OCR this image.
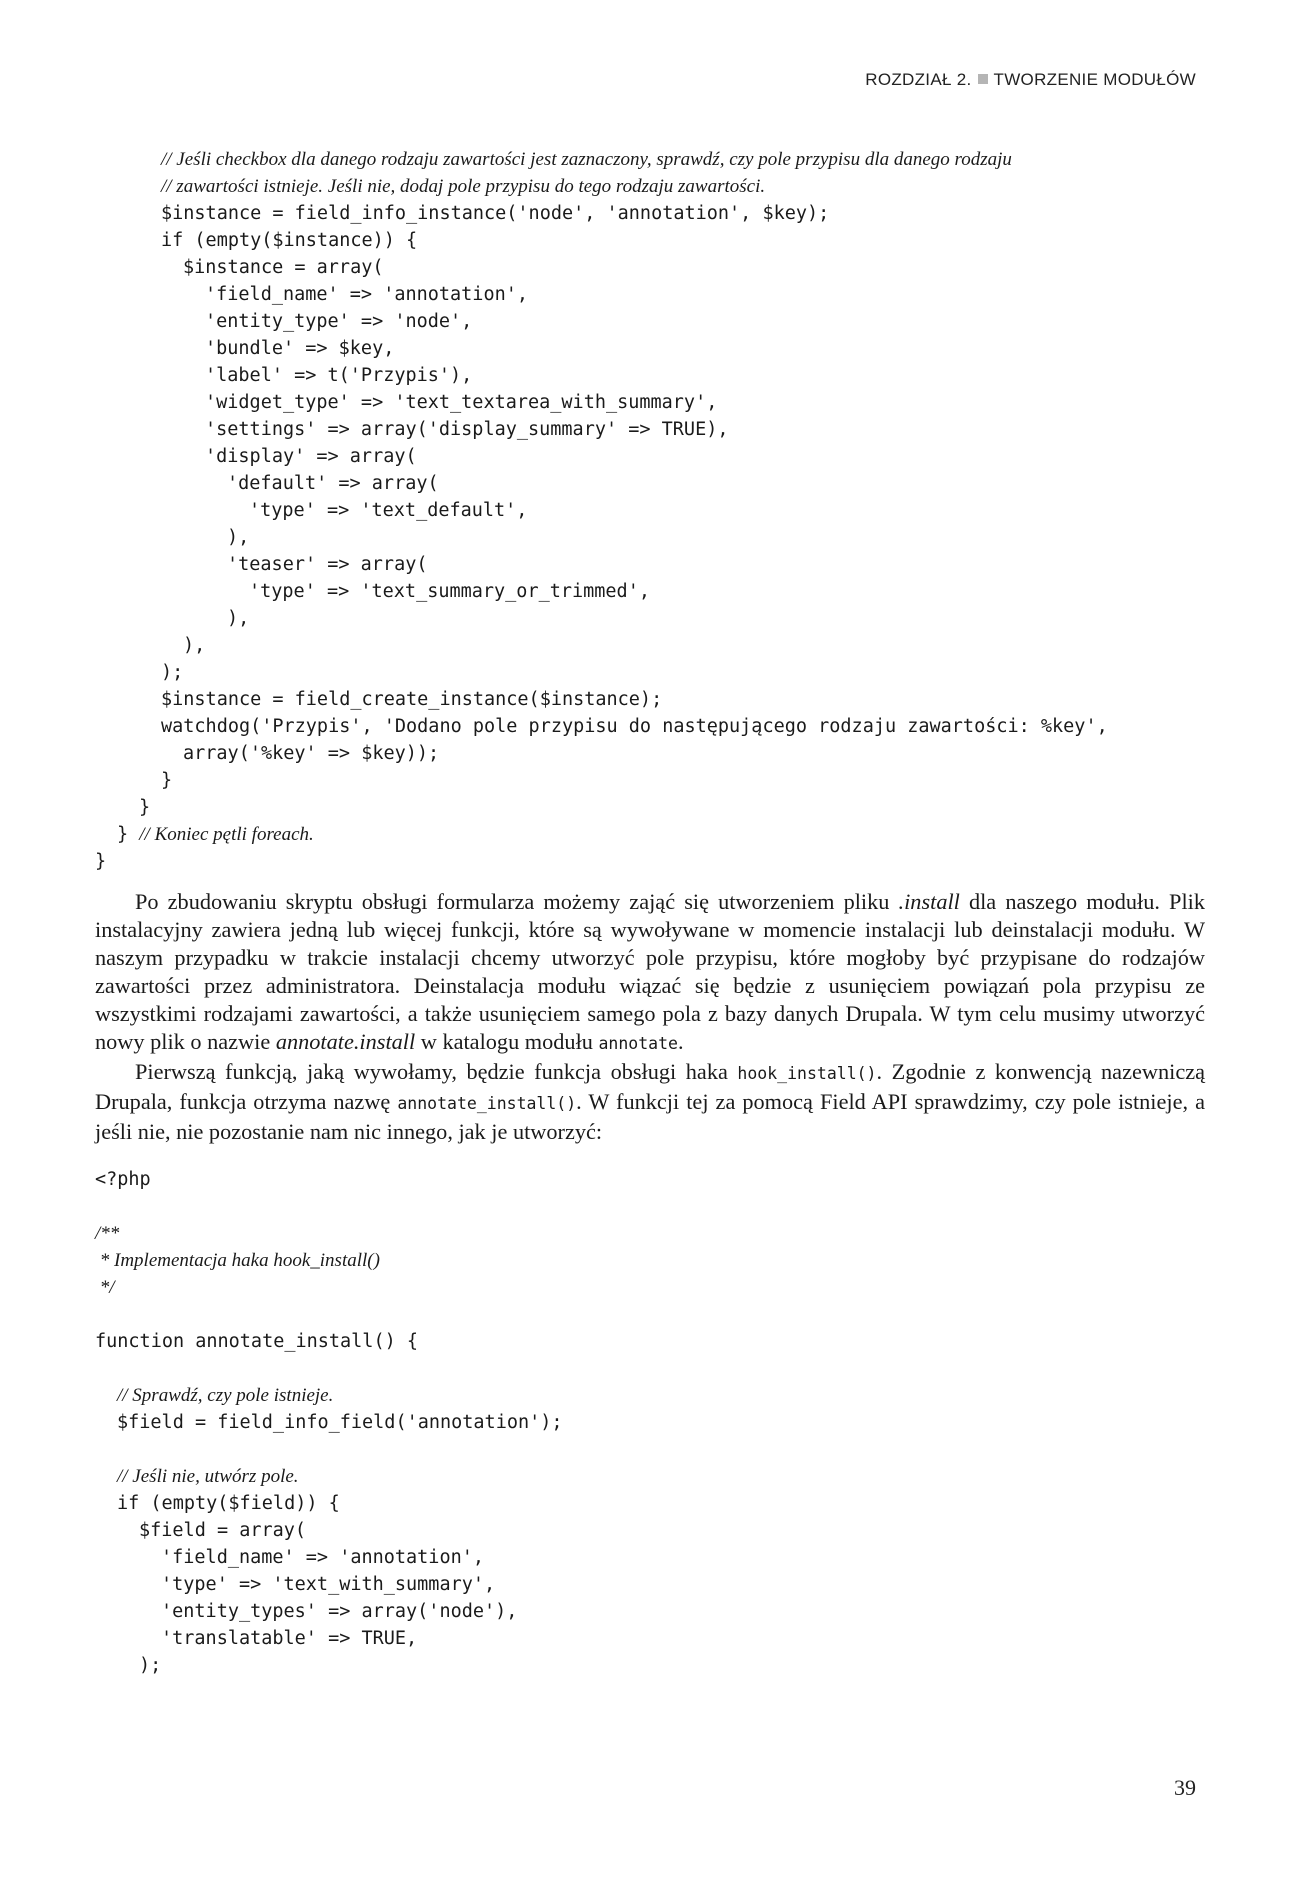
ROZDZIAŁ 2. TWORZENIE MODUŁÓW
// Jeśli checkbox dla danego rodzaju zawartości jest zaznaczony, sprawdź, czy pole przypisu dla danego rodzaju
// zawartości istnieje. Jeśli nie, dodaj pole przypisu do tego rodzaju zawartości.
$instance = field_info_instance('node', 'annotation', $key);
if (empty($instance)) {
$instance = array(
'field_name' => 'annotation',
'entity_type' => 'node',
'bundle' => $key,
'label' => t('Przypis'),
'widget_type' => 'text_textarea_with_summary',
'settings' => array('display_summary' => TRUE),
'display' => array(
'default' => array(
'type' => 'text_default',
),
'teaser' => array(
'type' => 'text_summary_or_trimmed',
),
),
);
$instance = field_create_instance($instance);
watchdog('Przypis', 'Dodano pole przypisu do następującego rodzaju zawartości: %key',
array('%key' => $key));
}
}
} // Koniec pętli foreach.
}

Po zbudowaniu skryptu obsługi formularza możemy zająć się utworzeniem pliku .install dla naszego modułu. Plik instalacyjny zawiera jedną lub więcej funkcji, które są wywoływane w momencie instalacji lub deinstalacji modułu. W naszym przypadku w trakcie instalacji chcemy utworzyć pole przypisu, które mogłoby być przypisane do rodzajów zawartości przez administratora. Deinstalacja modułu wiązać się będzie z usunięciem powiązań pola przypisu ze wszystkimi rodzajami zawartości, a także usunięciem samego pola z bazy danych Drupala. W tym celu musimy utworzyć nowy plik o nazwie annotate.install w katalogu modułu annotate.

Pierwszą funkcją, jaką wywołamy, będzie funkcja obsługi haka hook_install(). Zgodnie z konwencją nazewniczą Drupala, funkcja otrzyma nazwę annotate_install(). W funkcji tej za pomocą Field API sprawdzimy, czy pole istnieje, a jeśli nie, nie pozostanie nam nic innego, jak je utworzyć:

<?php
/**
* Implementacja haka hook_install()
*/
function annotate_install() {
// Sprawdź, czy pole istnieje.
$field = field_info_field('annotation');
// Jeśli nie, utwórz pole.
if (empty($field)) {
$field = array(
'field_name' => 'annotation',
'type' => 'text_with_summary',
'entity_types' => array('node'),
'translatable' => TRUE,
);
39
